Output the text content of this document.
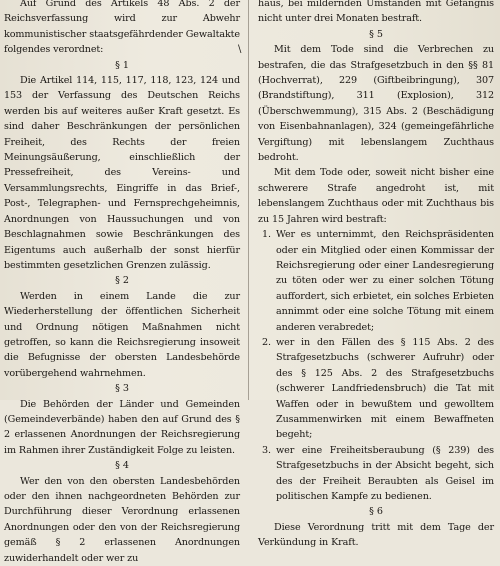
Auf Grund des Artikels 48 Abs. 2 der Reichsverfassung wird zur Abwehr kommunistischer staatsgefährdender Gewaltakte folgendes verordnet:

§ 1

Die Artikel 114, 115, 117, 118, 123, 124 und 153 der Verfassung des Deutschen Reichs werden bis auf weiteres außer Kraft gesetzt. Es sind daher Beschränkungen der persönlichen Freiheit, des Rechts der freien Meinungsäußerung, einschließlich der Pressefreiheit, des Vereins- und Versammlungsrechts, Eingriffe in das Brief-, Post-, Telegraphen- und Fernsprechgeheimnis, Anordnungen von Haussuchungen und von Beschlagnahmen sowie Beschränkungen des Eigentums auch außerhalb der sonst hierfür bestimmten gesetzlichen Grenzen zulässig.

§ 2

Werden in einem Lande die zur Wiederherstellung der öffentlichen Sicherheit und Ordnung nötigen Maßnahmen nicht getroffen, so kann die Reichsregierung insoweit die Befugnisse der obersten Landesbehörde vorübergehend wahrnehmen.

§ 3

Die Behörden der Länder und Gemeinden (Gemeindeverbände) haben den auf Grund des § 2 erlassenen Anordnungen der Reichsregierung im Rahmen ihrer Zuständigkeit Folge zu leisten.

§ 4

Wer den von den obersten Landesbehörden oder den ihnen nachgeordneten Behörden zur Durchführung dieser Verordnung erlassenen Anordnungen oder den von der Reichsregierung gemäß § 2 erlassenen Anordnungen zuwiderhandelt oder wer zu

\

haus, bei mildernden Umständen mit Gefängnis nicht unter drei Monaten bestraft.

§ 5

Mit dem Tode sind die Verbrechen zu bestrafen, die das Strafgesetzbuch in den §§ 81 (Hochverrat), 229 (Giftbeibringung), 307 (Brandstiftung), 311 (Explosion), 312 (Überschwemmung), 315 Abs. 2 (Beschädigung von Eisenbahnanlagen), 324 (gemeingefährliche Vergiftung) mit lebenslangem Zuchthaus bedroht.

Mit dem Tode oder, soweit nicht bisher eine schwerere Strafe angedroht ist, mit lebenslangem Zuchthaus oder mit Zuchthaus bis zu 15 Jahren wird bestraft:

1. Wer es unternimmt, den Reichspräsidenten oder ein Mitglied oder einen Kommissar der Reichsregierung oder einer Landesregierung zu töten oder wer zu einer solchen Tötung auffordert, sich erbietet, ein solches Erbieten annimmt oder eine solche Tötung mit einem anderen verabredet;
2. wer in den Fällen des § 115 Abs. 2 des Strafgesetzbuchs (schwerer Aufruhr) oder des § 125 Abs. 2 des Strafgesetzbuchs (schwerer Landfriedensbruch) die Tat mit Waffen oder in bewußtem und gewolltem Zusammenwirken mit einem Bewaffneten begeht;
3. wer eine Freiheitsberaubung (§ 239) des Strafgesetzbuchs in der Absicht begeht, sich des der Freiheit Beraubten als Geisel im politischen Kampfe zu bedienen.

§ 6

Diese Verordnung tritt mit dem Tage der Verkündung in Kraft.
